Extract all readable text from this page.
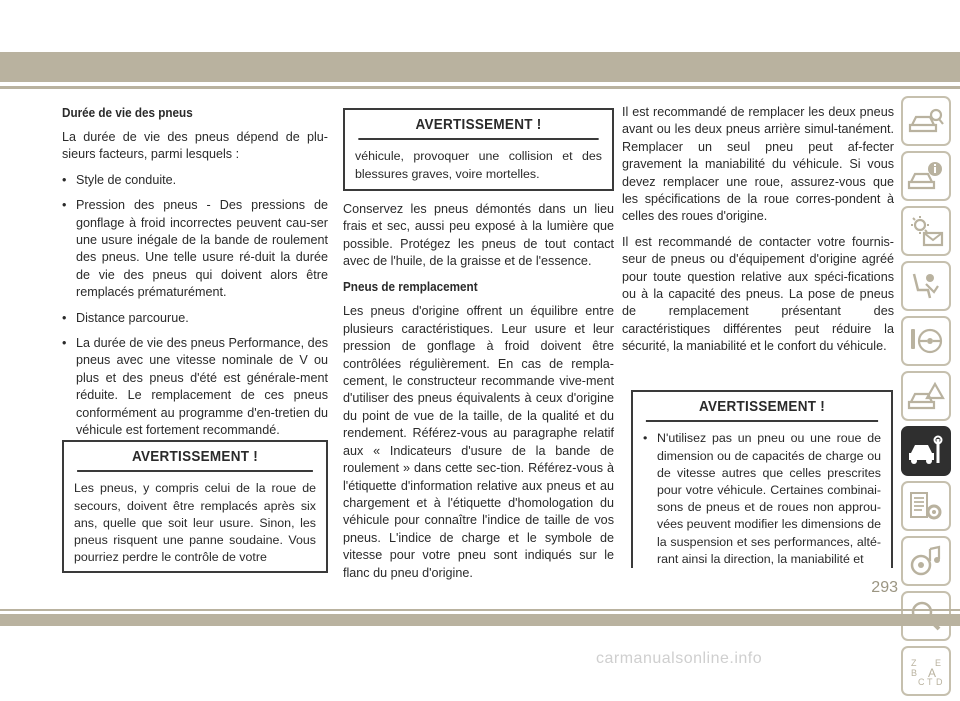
Durée de vie des pneus

La durée de vie des pneus dépend de plu-sieurs facteurs, parmi lesquels :

• Style de conduite.
• Pression des pneus - Des pressions de gonflage à froid incorrectes peuvent cau-ser une usure inégale de la bande de roulement des pneus. Une telle usure ré-duit la durée de vie des pneus qui doivent alors être remplacés prématurément.
• Distance parcourue.
• La durée de vie des pneus Performance, des pneus avec une vitesse nominale de V ou plus et des pneus d'été est générale-ment réduite. Le remplacement de ces pneus conformément au programme d'en-tretien du véhicule est fortement recommandé.
AVERTISSEMENT !
Les pneus, y compris celui de la roue de secours, doivent être remplacés après six ans, quelle que soit leur usure. Sinon, les pneus risquent une panne soudaine. Vous pourriez perdre le contrôle de votre
AVERTISSEMENT !
véhicule, provoquer une collision et des blessures graves, voire mortelles.

Conservez les pneus démontés dans un lieu frais et sec, aussi peu exposé à la lumière que possible. Protégez les pneus de tout contact avec de l'huile, de la graisse et de l'essence.

Pneus de remplacement

Les pneus d'origine offrent un équilibre entre plusieurs caractéristiques. Leur usure et leur pression de gonflage à froid doivent être contrôlées régulièrement. En cas de rempla-cement, le constructeur recommande vive-ment d'utiliser des pneus équivalents à ceux d'origine du point de vue de la taille, de la qualité et du rendement. Référez-vous au paragraphe relatif aux « Indicateurs d'usure de la bande de roulement » dans cette sec-tion. Référez-vous à l'étiquette d'information relative aux pneus et au chargement et à l'étiquette d'homologation du véhicule pour connaître l'indice de taille de vos pneus. L'indice de charge et le symbole de vitesse pour votre pneu sont indiqués sur le flanc du pneu d'origine.

Il est recommandé de remplacer les deux pneus avant ou les deux pneus arrière simul-tanément. Remplacer un seul pneu peut af-fecter gravement la maniabilité du véhicule. Si vous devez remplacer une roue, assurez-vous que les spécifications de la roue corres-pondent à celles des roues d'origine.

Il est recommandé de contacter votre fournis-seur de pneus ou d'équipement d'origine agréé pour toute question relative aux spéci-fications ou à la capacité des pneus. La pose de pneus de remplacement présentant des caractéristiques différentes peut réduire la sécurité, la maniabilité et le confort du véhicule.

AVERTISSEMENT !
• N'utilisez pas un pneu ou une roue de dimension ou de capacités de charge ou de vitesse autres que celles prescrites pour votre véhicule. Certaines combinai-sons de pneus et de roues non approu-vées peuvent modifier les dimensions de la suspension et ses performances, alté-rant ainsi la direction, la maniabilité et
Z E
B A
C T D
293
carmanualsonline.info
